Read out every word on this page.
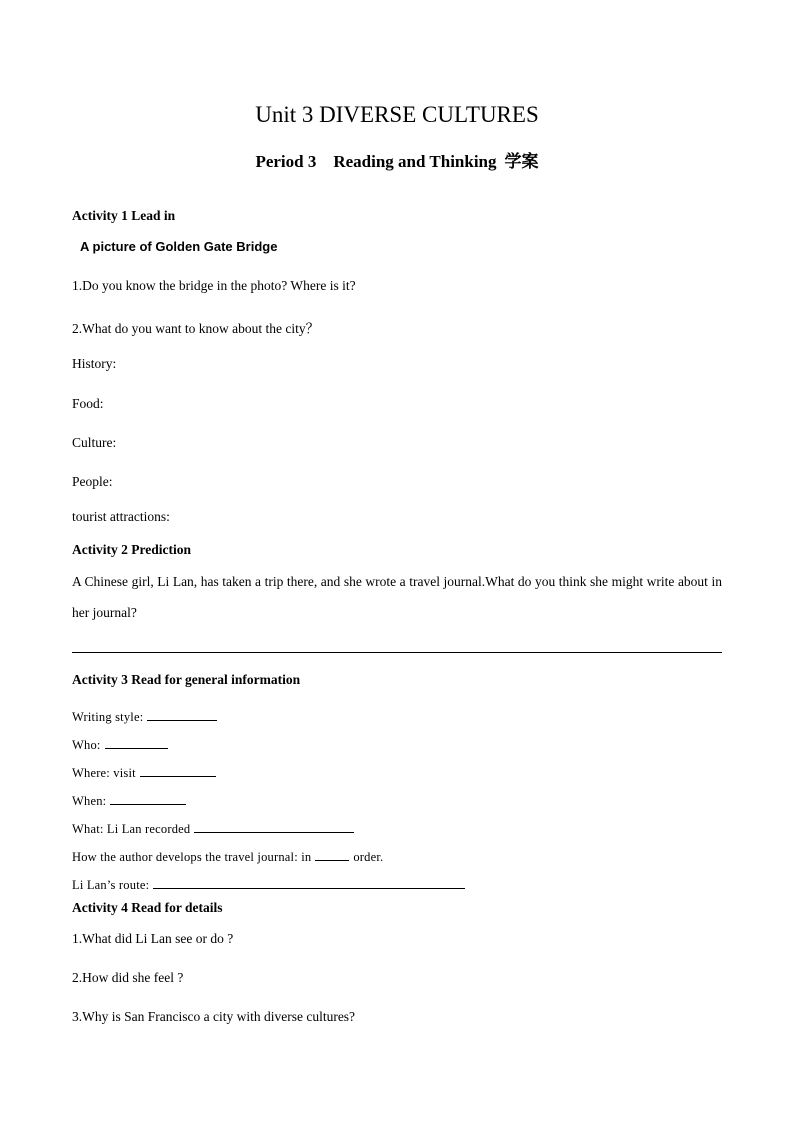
Unit 3 DIVERSE CULTURES
Period 3    Reading and Thinking 学案
Activity 1 Lead in
A picture of Golden Gate Bridge
1.Do you know the bridge in the photo? Where is it?
2.What do you want to know about the city？
History:
Food:
Culture:
People:
tourist attractions:
Activity 2 Prediction
A Chinese girl, Li Lan, has taken a trip there, and she wrote a travel journal.What do you think she might write about in her journal?
Activity 3 Read for general information
Writing style:
Who:
Where: visit
When:
What: Li Lan recorded
How the author develops the travel journal: in	order.
Li Lan’s route:
Activity 4 Read for details
1.What did Li Lan see or do ?
2.How did she feel ?
3.Why is San Francisco a city with diverse cultures?
